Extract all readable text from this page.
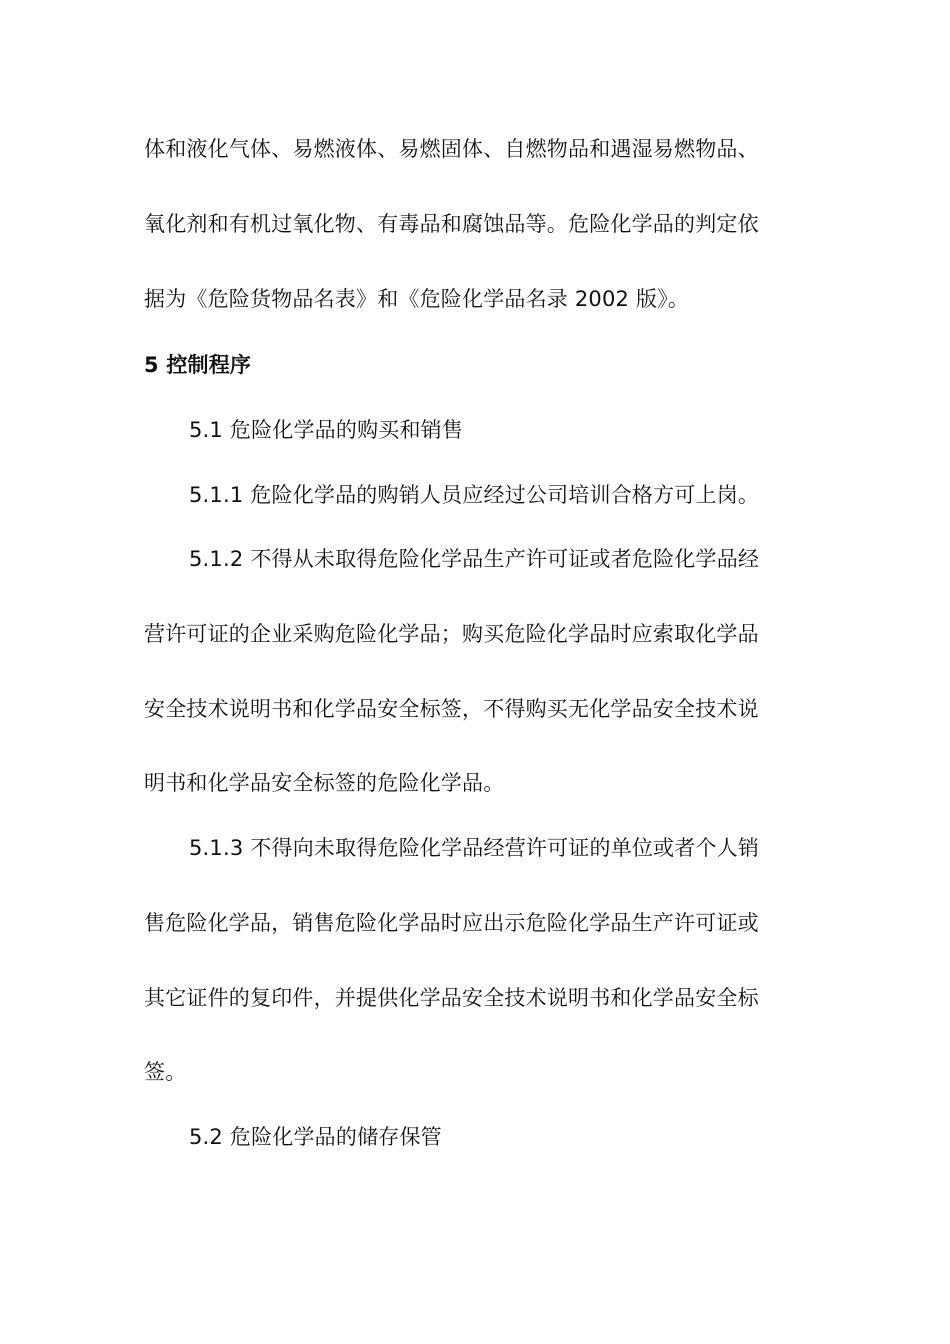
体和液化气体、易燃液体、易燃固体、自燃物品和遇湿易燃物品、
氧化剂和有机过氧化物、有毒品和腐蚀品等。危险化学品的判定依
据为《危险货物品名表》和《危险化学品名录 2002 版》。
5 控制程序
5.1 危险化学品的购买和销售
5.1.1 危险化学品的购销人员应经过公司培训合格方可上岗。
5.1.2 不得从未取得危险化学品生产许可证或者危险化学品经
营许可证的企业采购危险化学品；购买危险化学品时应索取化学品
安全技术说明书和化学品安全标签，不得购买无化学品安全技术说
明书和化学品安全标签的危险化学品。
5.1.3 不得向未取得危险化学品经营许可证的单位或者个人销
售危险化学品，销售危险化学品时应出示危险化学品生产许可证或
其它证件的复印件，并提供化学品安全技术说明书和化学品安全标
签。
5.2 危险化学品的储存保管
